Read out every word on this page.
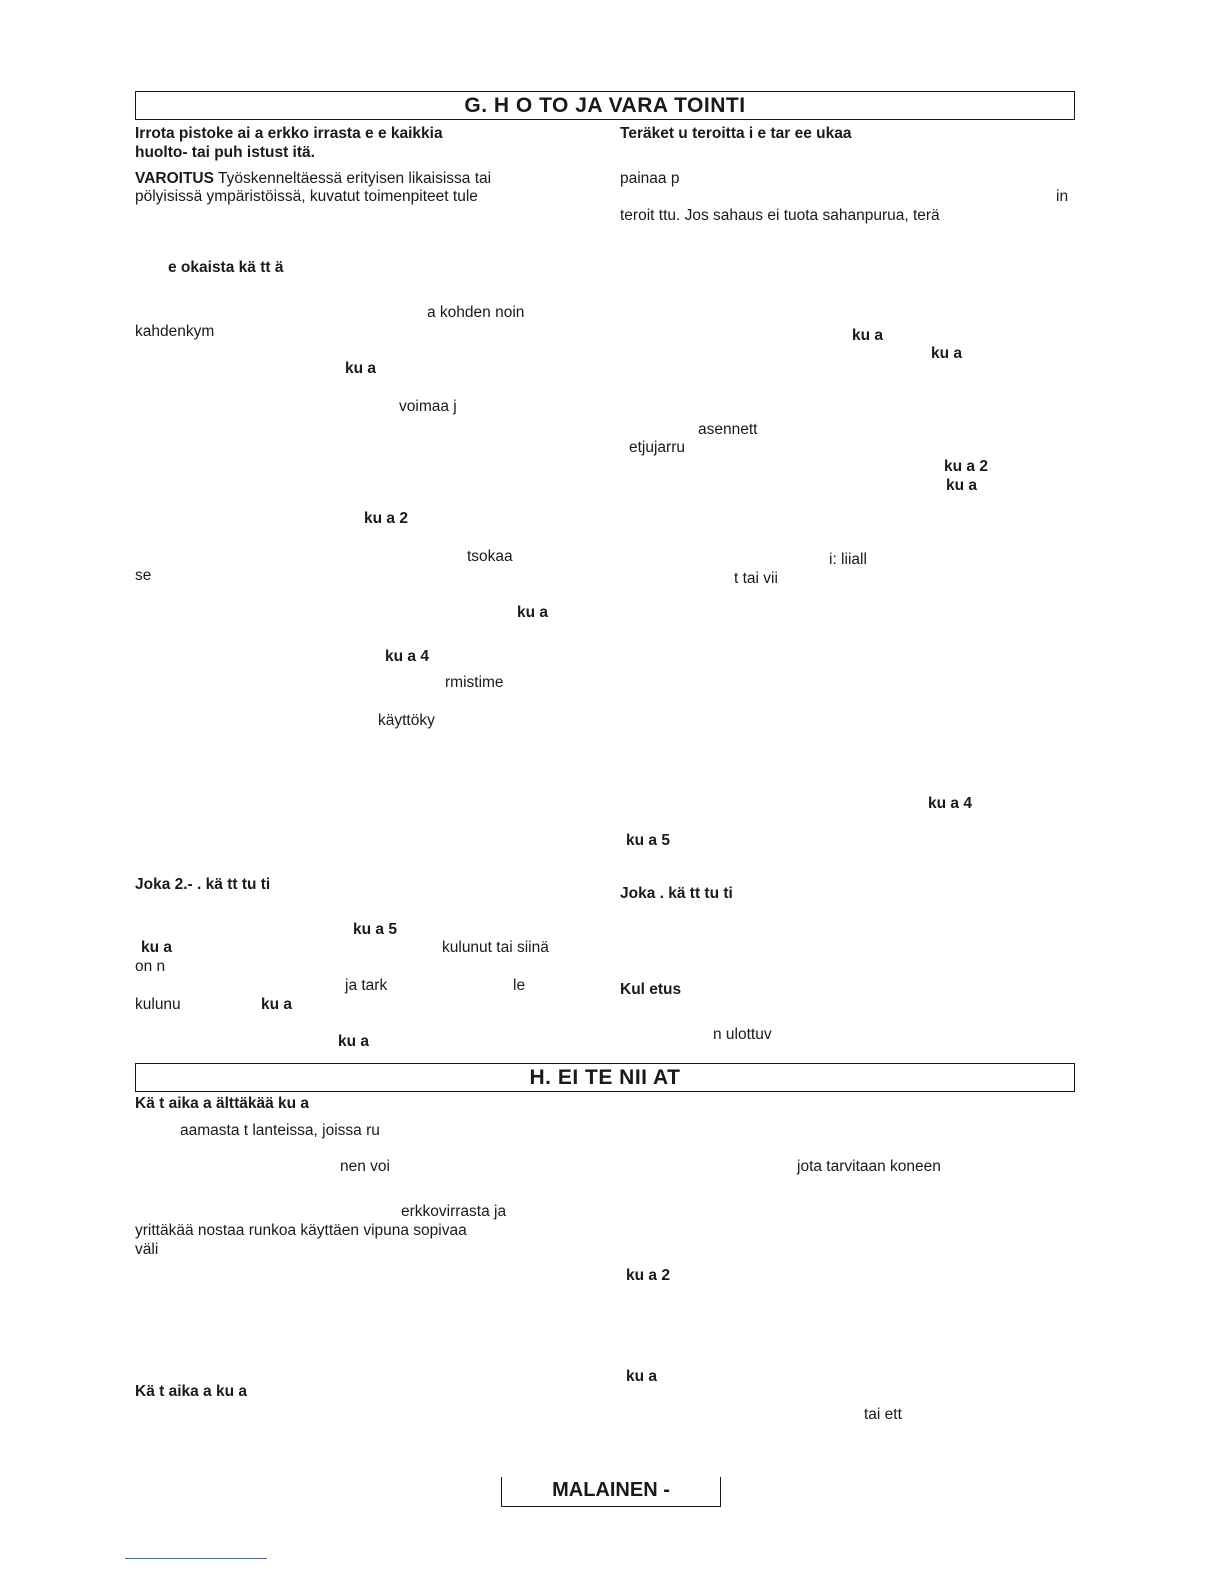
G. H O TO JA VARA TOINTI
Irrota pistoke ai a erkko irrasta e e kaikkia
huolto- tai puh istust itä.
VAROITUS Työskenneltäessä erityisen likaisissa tai
pölyisissä ympäristöissä, kuvatut toimenpiteet tule
e okaista kä tt ä
a kohden noin
kahdenkym
ku a
voimaa j
ku a 2
tsokaa
se
ku a
ku a 4
rmistime
käyttöky
Joka 2.- . kä tt tu ti
ku a 5
ku a	kulunut tai siinä
on n
ja tark	le
kulunu	ku a
ku a
Teräket u teroitta i e tar ee ukaa
painaa p
in
teroit ttu. Jos sahaus ei tuota sahanpurua, terä
ku a
ku a
asennett
etjujarru
ku a 2
ku a
i: liiall
t tai vii
ku a 4
ku a 5
Joka . kä tt tu ti
Kul etus
n ulottuv
H. EI TE NII AT
Kä t aika a älttäkää ku a
aamasta t lanteissa, joissa ru
nen voi	jota tarvitaan koneen
erkkovirrasta ja
yrittäkää nostaa runkoa käyttäen vipuna sopivaa
väli
ku a 2
ku a
Kä t aika a ku a
tai ett
MALAINEN -
